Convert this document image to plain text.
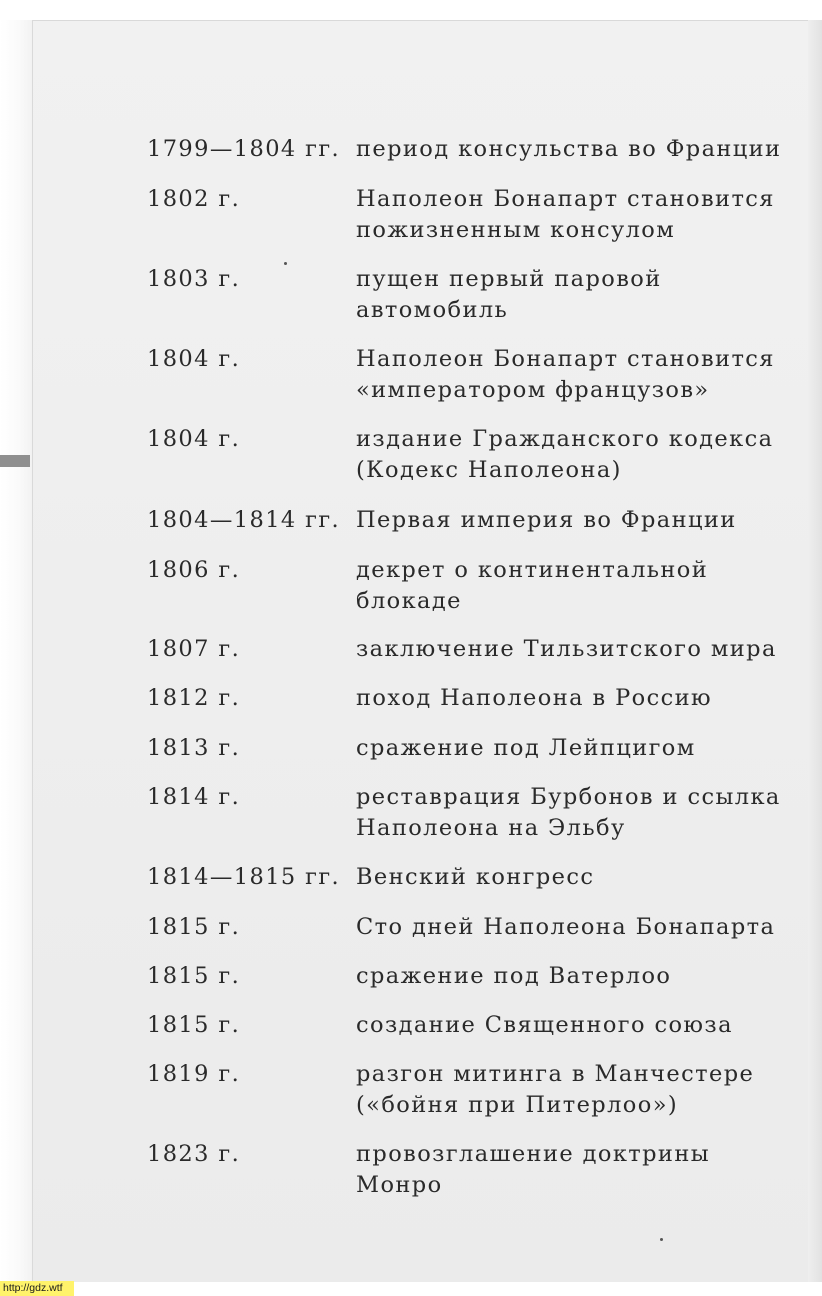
1799—1804 гг. период консульства во Франции
1802 г.	Наполеон Бонапарт становится
пожизненным консулом
1803 г.	пущен первый паровой
автомобиль
1804 г.	Наполеон Бонапарт становится
«императором французов»
1804 г.	издание Гражданского кодекса
(Кодекс Наполеона)
1804—1814 гг. Первая империя во Франции
1806 г.	декрет о континентальной
блокаде
1807 г.	заключение Тильзитского мира
1812 г.	поход Наполеона в Россию
1813 г.	сражение под Лейпцигом
1814 г.	реставрация Бурбонов и ссылка
Наполеона на Эльбу
1814—1815 гг. Венский конгресс
1815 г.	Сто дней Наполеона Бонапарта
1815 г.	сражение под Ватерлоо
1815 г.	создание Священного союза
1819 г.	разгон митинга в Манчестере
(«бойня при Питерлоо»)
1823 г.	провозглашение доктрины
Монро
http://gdz.wtf
